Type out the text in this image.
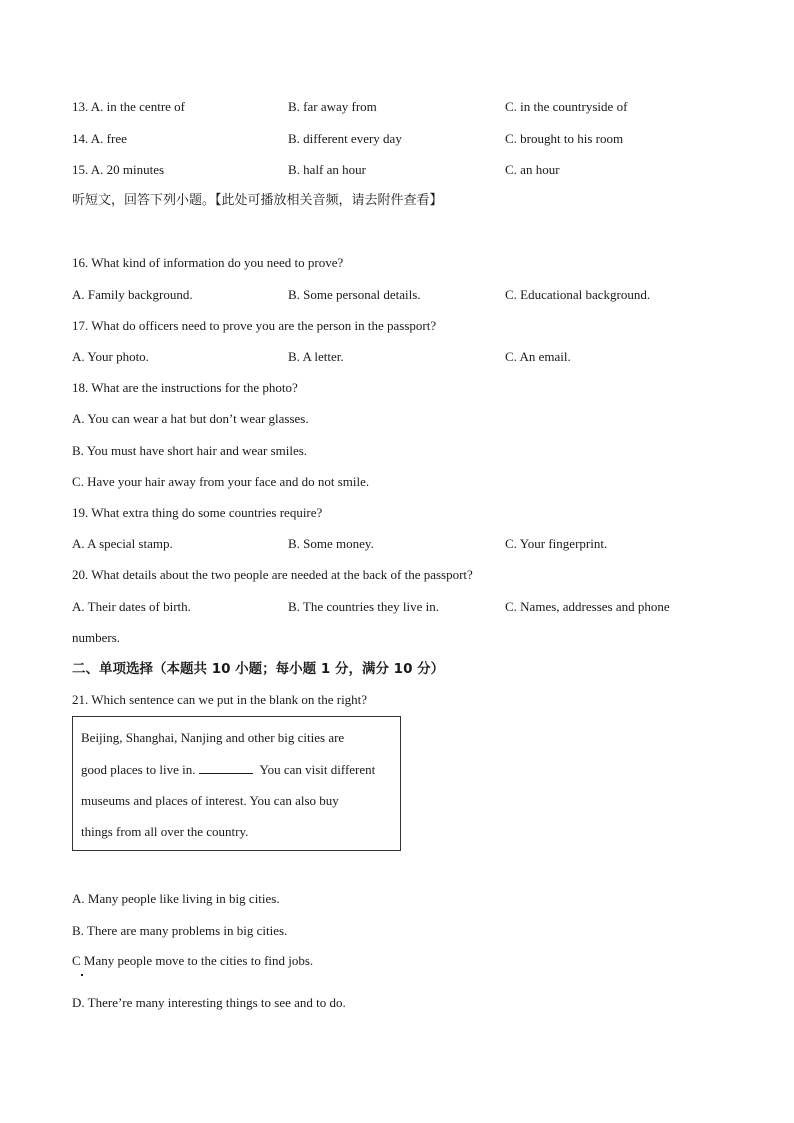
13. A. in the centre of	B. far away from	C. in the countryside of
14. A. free	B. different every day	C. brought to his room
15. A. 20 minutes	B. half an hour	C. an hour
听短文，回答下列小题。【此处可播放相关音频，请去附件查看】
16. What kind of information do you need to prove?
A. Family background.	B. Some personal details.	C. Educational background.
17. What do officers need to prove you are the person in the passport?
A. Your photo.	B. A letter.	C. An email.
18. What are the instructions for the photo?
A. You can wear a hat but don’t wear glasses.
B. You must have short hair and wear smiles.
C. Have your hair away from your face and do not smile.
19. What extra thing do some countries require?
A. A special stamp.	B. Some money.	C. Your fingerprint.
20. What details about the two people are needed at the back of the passport?
A. Their dates of birth.	B. The countries they live in.	C. Names, addresses and phone
numbers.
二、单项选择（本题共 10 小题；每小题 1 分，满分 10 分）
21. Which sentence can we put in the blank on the right?
Beijing, Shanghai, Nanjing and other big cities are
good places to live in.	You can visit different
museums and places of interest. You can also buy
things from all over the country.
A. Many people like living in big cities.
B. There are many problems in big cities.
C Many people move to the cities to find jobs.
D. There’re many interesting things to see and to do.
